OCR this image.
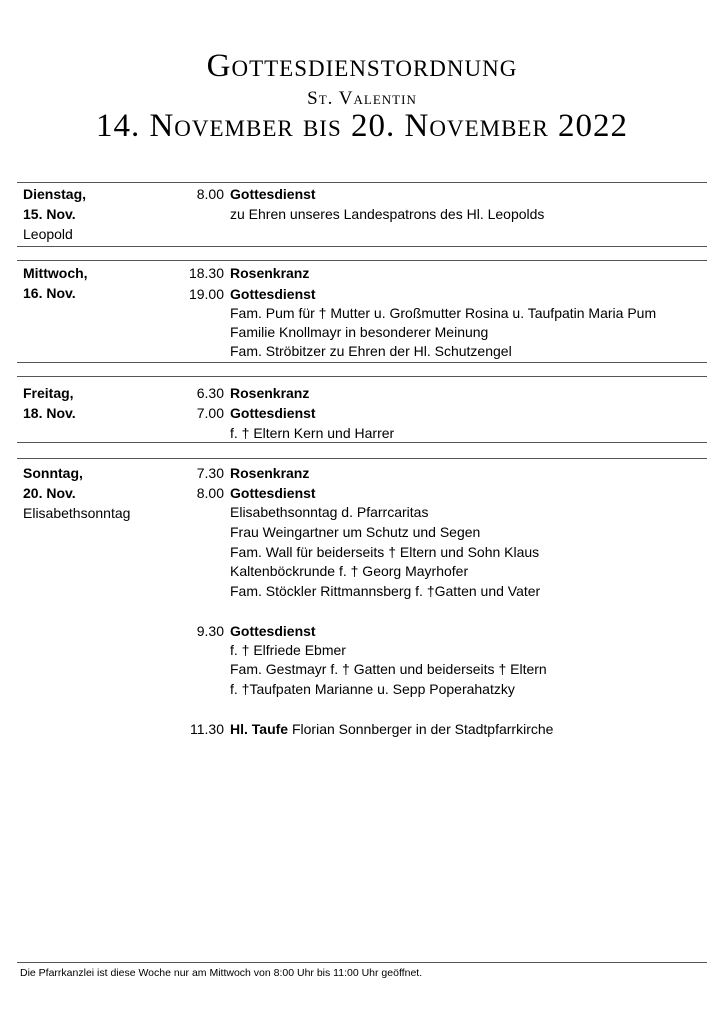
Gottesdienstordnung
St. Valentin
14. November bis 20. November 2022
Dienstag,
15. Nov.
Leopold
8.00 Gottesdienst
zu Ehren unseres Landespatrons des Hl. Leopolds
Mittwoch,
16. Nov.
18.30 Rosenkranz
19.00 Gottesdienst
Fam. Pum für † Mutter u. Großmutter Rosina u. Taufpatin Maria Pum
Familie Knollmayr in besonderer Meinung
Fam. Ströbitzer zu Ehren der Hl. Schutzengel
Freitag,
18. Nov.
6.30 Rosenkranz
7.00 Gottesdienst
f. † Eltern Kern und Harrer
Sonntag,
20. Nov.
Elisabethsonntag
7.30 Rosenkranz
8.00 Gottesdienst
Elisabethsonntag d. Pfarrcaritas
Frau Weingartner um Schutz und Segen
Fam. Wall für beiderseits † Eltern und Sohn Klaus
Kaltenböckrunde f. † Georg Mayrhofer
Fam. Stöckler Rittmannsberg f. †Gatten und Vater
9.30 Gottesdienst
f. † Elfriede Ebmer
Fam. Gestmayr f. † Gatten und beiderseits † Eltern
f. †Taufpaten Marianne u. Sepp Poperahatzky
11.30 Hl. Taufe Florian Sonnberger in der Stadtpfarrkirche
Die Pfarrkanzlei ist diese Woche nur am Mittwoch von 8:00 Uhr bis 11:00 Uhr geöffnet.
